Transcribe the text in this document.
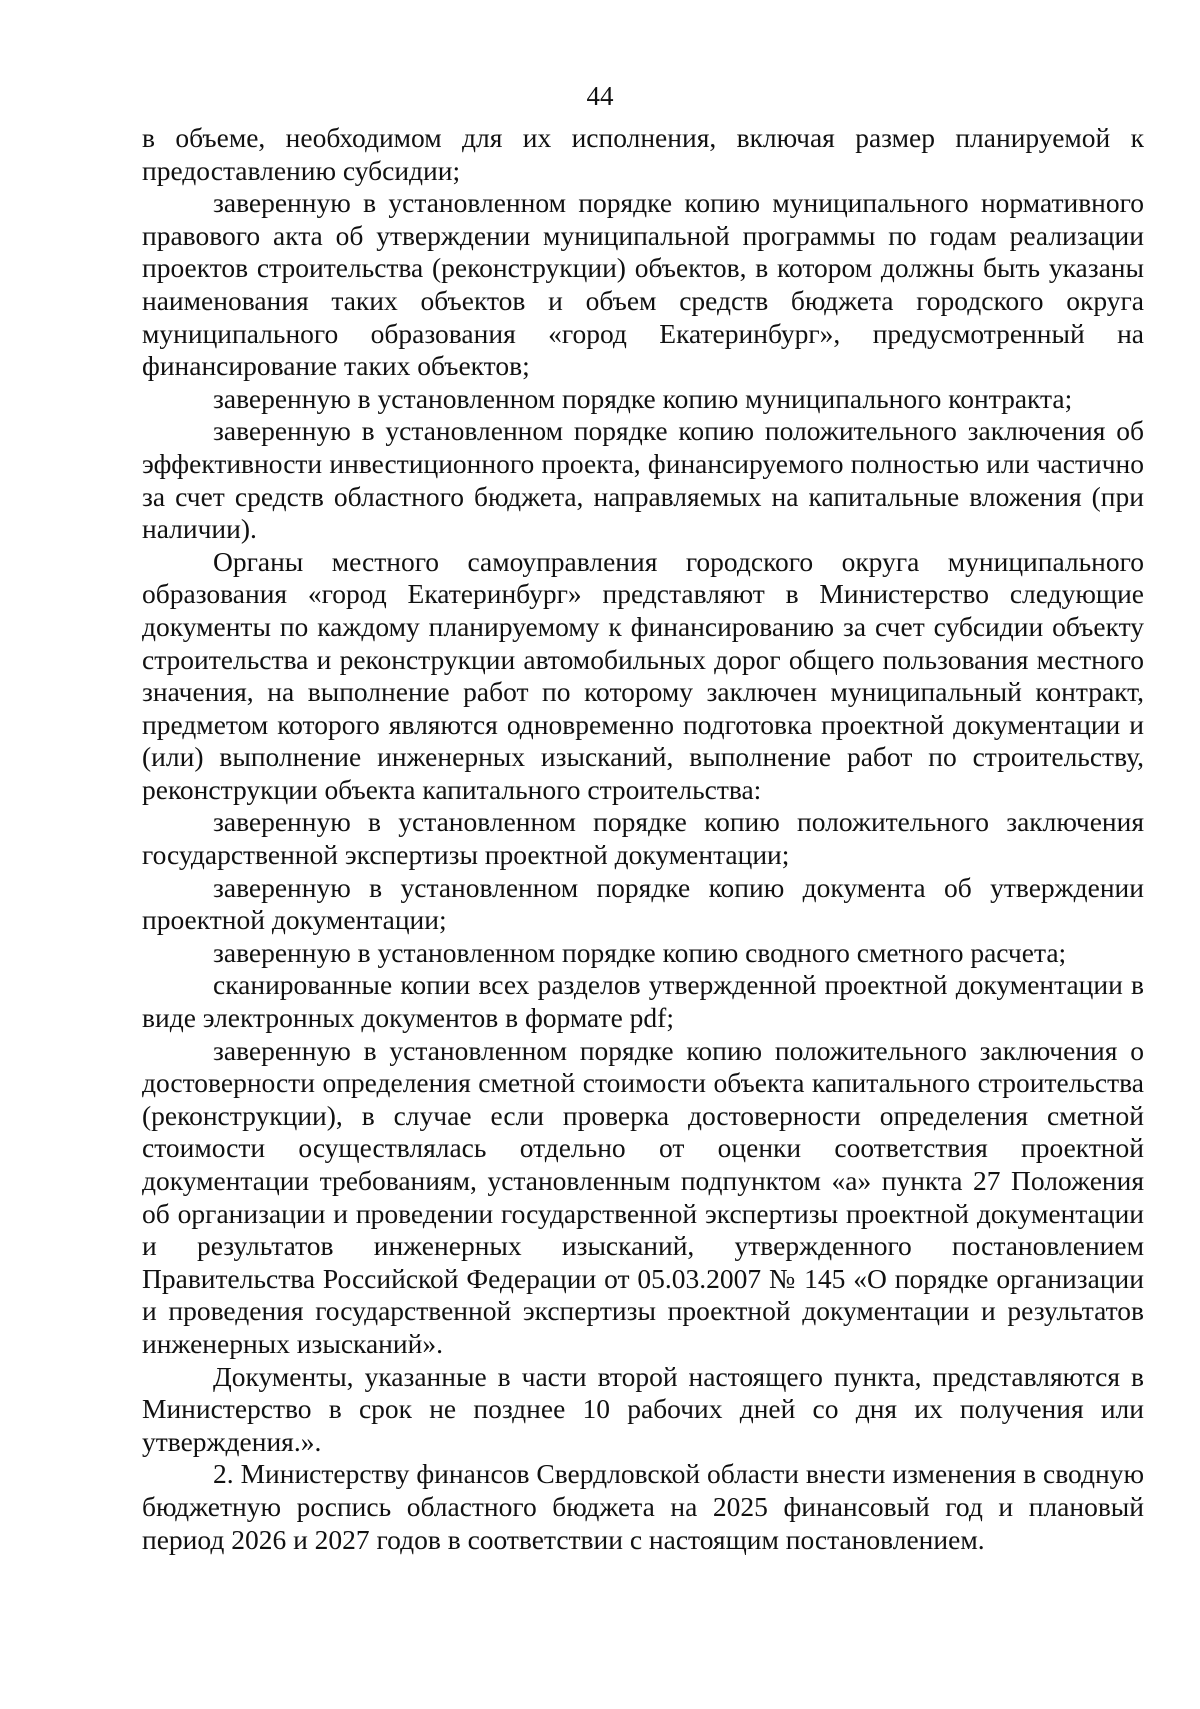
44

в объеме, необходимом для их исполнения, включая размер планируемой к предоставлению субсидии;

заверенную в установленном порядке копию муниципального нормативного правового акта об утверждении муниципальной программы по годам реализации проектов строительства (реконструкции) объектов, в котором должны быть указаны наименования таких объектов и объем средств бюджета городского округа муниципального образования «город Екатеринбург», предусмотренный на финансирование таких объектов;

заверенную в установленном порядке копию муниципального контракта;

заверенную в установленном порядке копию положительного заключения об эффективности инвестиционного проекта, финансируемого полностью или частично за счет средств областного бюджета, направляемых на капитальные вложения (при наличии).

Органы местного самоуправления городского округа муниципального образования «город Екатеринбург» представляют в Министерство следующие документы по каждому планируемому к финансированию за счет субсидии объекту строительства и реконструкции автомобильных дорог общего пользования местного значения, на выполнение работ по которому заключен муниципальный контракт, предметом которого являются одновременно подготовка проектной документации и (или) выполнение инженерных изысканий, выполнение работ по строительству, реконструкции объекта капитального строительства:

заверенную в установленном порядке копию положительного заключения государственной экспертизы проектной документации;

заверенную в установленном порядке копию документа об утверждении проектной документации;

заверенную в установленном порядке копию сводного сметного расчета;

сканированные копии всех разделов утвержденной проектной документации в виде электронных документов в формате pdf;

заверенную в установленном порядке копию положительного заключения о достоверности определения сметной стоимости объекта капитального строительства (реконструкции), в случае если проверка достоверности определения сметной стоимости осуществлялась отдельно от оценки соответствия проектной документации требованиям, установленным подпунктом «а» пункта 27 Положения об организации и проведении государственной экспертизы проектной документации и результатов инженерных изысканий, утвержденного постановлением Правительства Российской Федерации от 05.03.2007 № 145 «О порядке организации и проведения государственной экспертизы проектной документации и результатов инженерных изысканий».

Документы, указанные в части второй настоящего пункта, представляются в Министерство в срок не позднее 10 рабочих дней со дня их получения или утверждения.».

2. Министерству финансов Свердловской области внести изменения в сводную бюджетную роспись областного бюджета на 2025 финансовый год и плановый период 2026 и 2027 годов в соответствии с настоящим постановлением.
